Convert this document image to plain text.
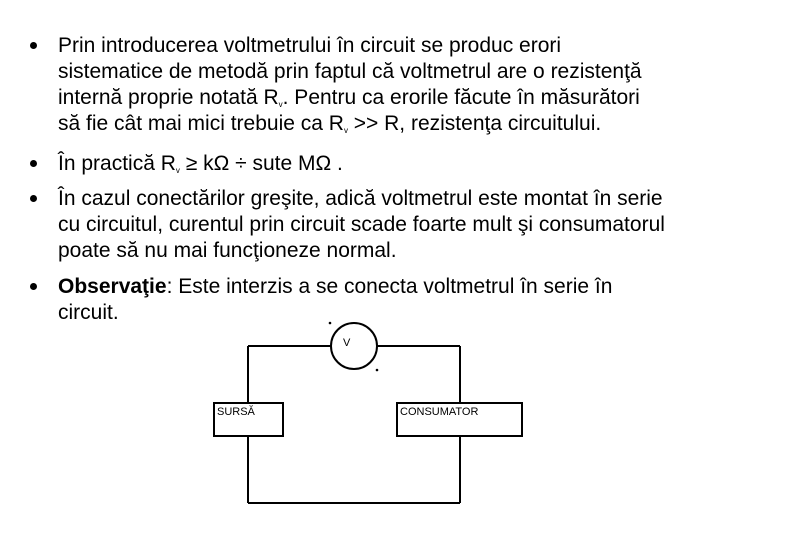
Prin introducerea voltmetrului în circuit se produc erori
sistematice de metodă prin faptul că voltmetrul are o rezistenţă
internă proprie notată Rv. Pentru ca erorile făcute în măsurători
să fie cât mai mici trebuie ca Rv >> R, rezistenţa circuitului.
În practică Rv ≥ kΩ ÷ sute MΩ .
În cazul conectărilor greşite, adică voltmetrul este montat în serie
cu circuitul, curentul prin circuit scade foarte mult şi consumatorul
poate să nu mai funcţioneze normal.
Observaţie: Este interzis a se conecta voltmetrul în serie în
circuit.
V
SURSĂ	CONSUMATOR
